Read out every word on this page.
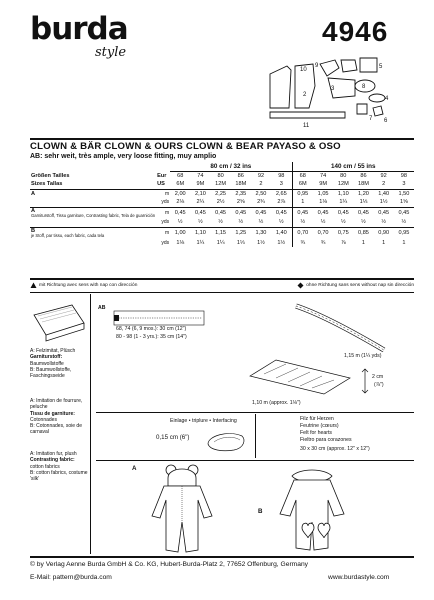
burda
style
4946
10
9	5
3	8
4
2
11
7 6
CLOWN & BÄR CLOWN & OURS CLOWN & BEAR PAYASO & OSO
AB: sehr weit, très ample, very loose fitting, muy amplio
		80 cm / 32 ins						140 cm / 55 ins					
Größen Tailles	Eur	68	74	80	86	92	98	68	74	80	86	92	98
Sizes Tallas	US	6M	9M	12M	18M	2	3	6M	9M	12M	18M	2	3

A	m	2,00	2,10	2,25	2,35	2,50	2,65	0,95	1,05	1,10	1,20	1,40	1,50
	yds	2⅛	2¼	2½	2⅝	2¾	2⅞	1	1⅛	1¼	1⅓	1½	1⅝

A
Garniturstoff, Tissu garniture, Contrasting fabric, Tela de guarnición	m	0,45	0,45	0,45	0,45	0,45	0,45	0,45	0,45	0,45	0,45	0,45	0,45
	yds	½	½	½	½	½	½	½	½	½	½	½	½

B
je Stoff, par tissu, each fabric, cada tela	m	1,00	1,10	1,15	1,25	1,30	1,40	0,70	0,70	0,75	0,85	0,90	0,95
	yds	1⅛	1¼	1¼	1⅓	1½	1½	¾	¾	⅞	1	1	1
mit Richtung avec sens with nap con dirección	ohne Richtung sans sens without nap sin dirección
A: Felzimitat, Plüsch
Garniturstoff:
Baumwollstoffe
B: Baumwollstoffe, Faschingsseide
A: Imitation de fourrure, peluche
Tissu de garniture:
Cotonnades
B: Cotonnades, soie de carnaval
A: Imitation fur, plush
Contrasting fabric:
cotton fabrics
B: cotton fabrics, costume 'silk'
AB
68, 74 (6, 9 mos.): 30 cm (12")
80 - 98 (1 - 3 yrs.): 35 cm (14")
1,15 m (1¼ yds)
2 cm
(⅞")
1,10 m (approx. 1⅛")
Einlage • triplure • Interfacing
0,15 cm (6")
Filz für Herzen
Feutrine (cœurs)
Felt for hearts
Fieltro para corazones
30 x 30 cm (approx. 12" x 12")
A
B
© by Verlag Aenne Burda GmbH & Co. KG, Hubert-Burda-Platz 2, 77652 Offenburg, Germany
E-Mail: pattern@burda.com	www.burdastyle.com
